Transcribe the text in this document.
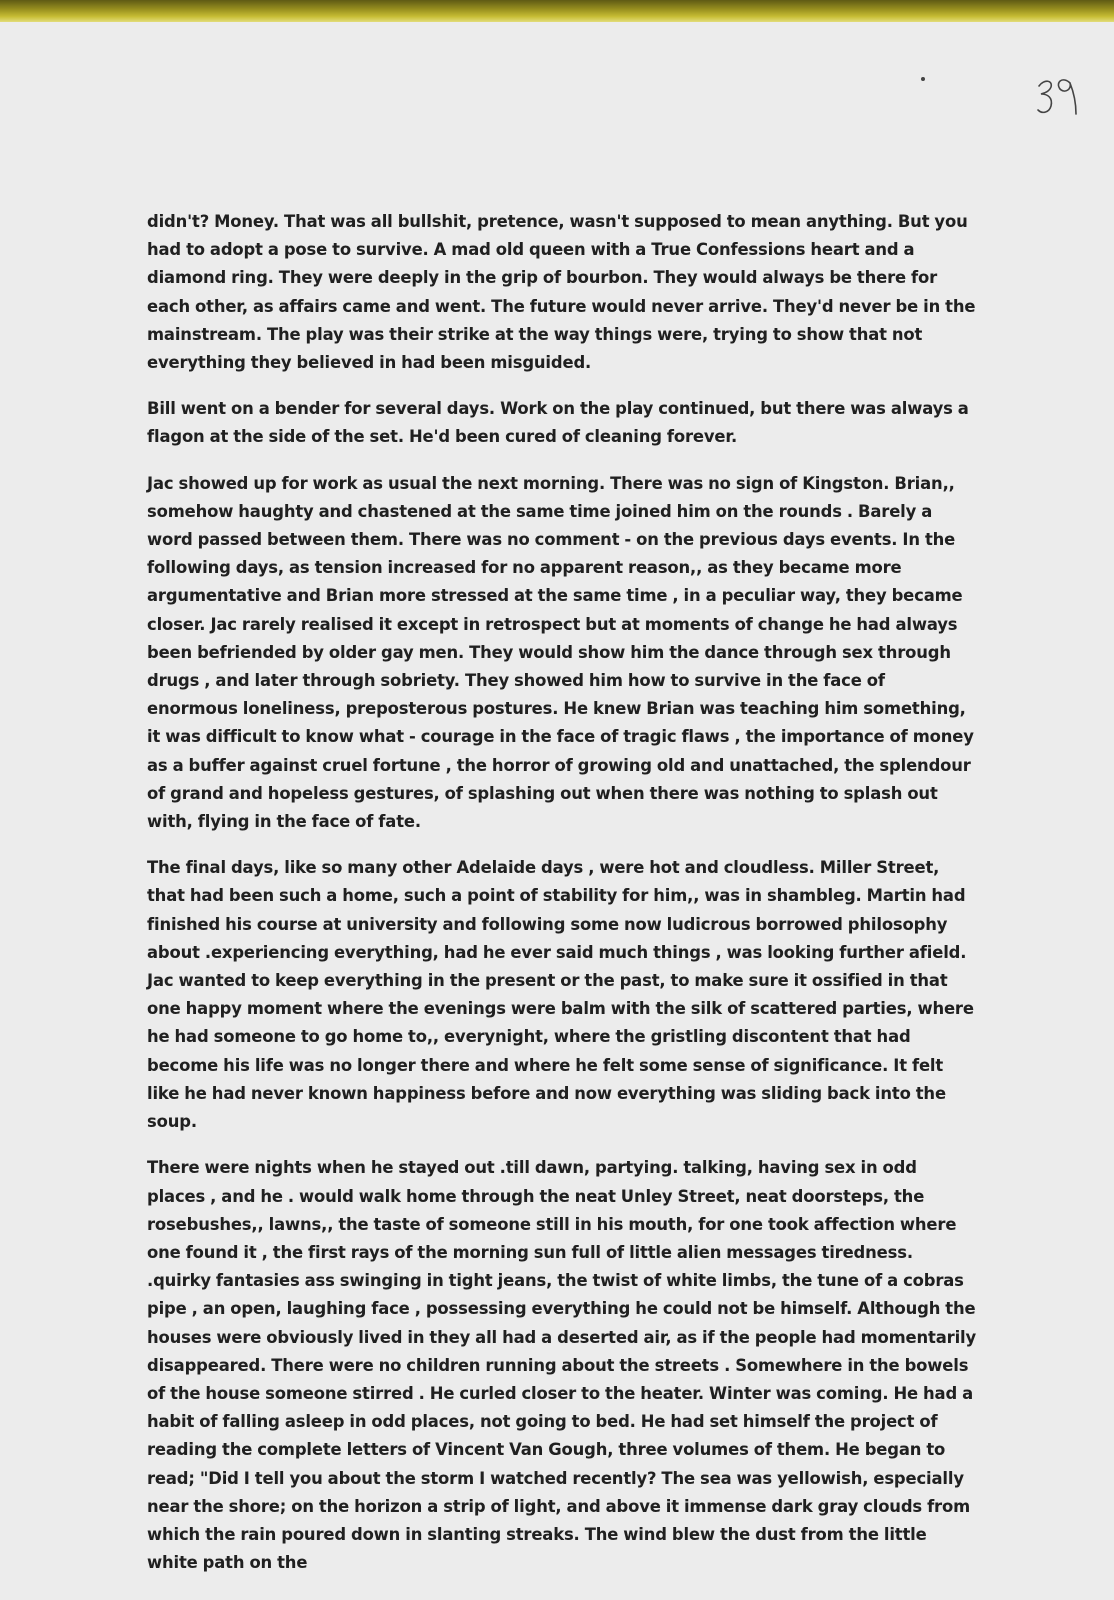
didn't? Money. That was all bullshit, pretence, wasn't supposed to mean anything. But you had to adopt a pose to survive. A mad old queen with a True Confessions heart and a diamond ring. They were deeply in the grip of bourbon. They would always be there for each other, as affairs came and went. The future would never arrive. They'd never be in the mainstream. The play was their strike at the way things were, trying to show that not everything they believed in had been misguided.

Bill went on a bender for several days. Work on the play continued, but there was always a flagon at the side of the set. He'd been cured of cleaning forever.

Jac showed up for work as usual the next morning. There was no sign of Kingston. Brian,, somehow haughty and chastened at the same time joined him on the rounds . Barely a word passed between them. There was no comment - on the previous days events. In the following days, as tension increased for no apparent reason,, as they became more argumentative and Brian more stressed at the same time , in a peculiar way, they became closer. Jac rarely realised it except in retrospect but at moments of change he had always been befriended by older gay men. They would show him the dance through sex through drugs , and later through sobriety. They showed him how to survive in the face of enormous loneliness, preposterous postures. He knew Brian was teaching him something, it was difficult to know what - courage in the face of tragic flaws , the importance of money as a buffer against cruel fortune , the horror of growing old and unattached, the splendour of grand and hopeless gestures, of splashing out when there was nothing to splash out with, flying in the face of fate.

The final days, like so many other Adelaide days , were hot and cloudless. Miller Street, that had been such a home, such a point of stability for him,, was in shambleg. Martin had finished his course at university and following some now ludicrous borrowed philosophy about .experiencing everything, had he ever said much things , was looking further afield. Jac wanted to keep everything in the present or the past, to make sure it ossified in that one happy moment where the evenings were balm with the silk of scattered parties, where he had someone to go home to,, everynight, where the gristling discontent that had become his life was no longer there and where he felt some sense of significance. It felt like he had never known happiness before and now everything was sliding back into the soup.

There were nights when he stayed out .till dawn, partying. talking, having sex in odd places , and he . would walk home through the neat Unley Street, neat doorsteps, the rosebushes,, lawns,, the taste of someone still in his mouth, for one took affection where one found it , the first rays of the morning sun full of little alien messages tiredness. .quirky fantasies ass swinging in tight jeans, the twist of white limbs, the tune of a cobras pipe , an open, laughing face , possessing everything he could not be himself. Although the houses were obviously lived in they all had a deserted air, as if the people had momentarily disappeared. There were no children running about the streets . Somewhere in the bowels of the house someone stirred . He curled closer to the heater. Winter was coming. He had a habit of falling asleep in odd places, not going to bed. He had set himself the project of reading the complete letters of Vincent Van Gough, three volumes of them. He began to read; "Did I tell you about the storm I watched recently? The sea was yellowish, especially near the shore; on the horizon a strip of light, and above it immense dark gray clouds from which the rain poured down in slanting streaks. The wind blew the dust from the little white path on the
